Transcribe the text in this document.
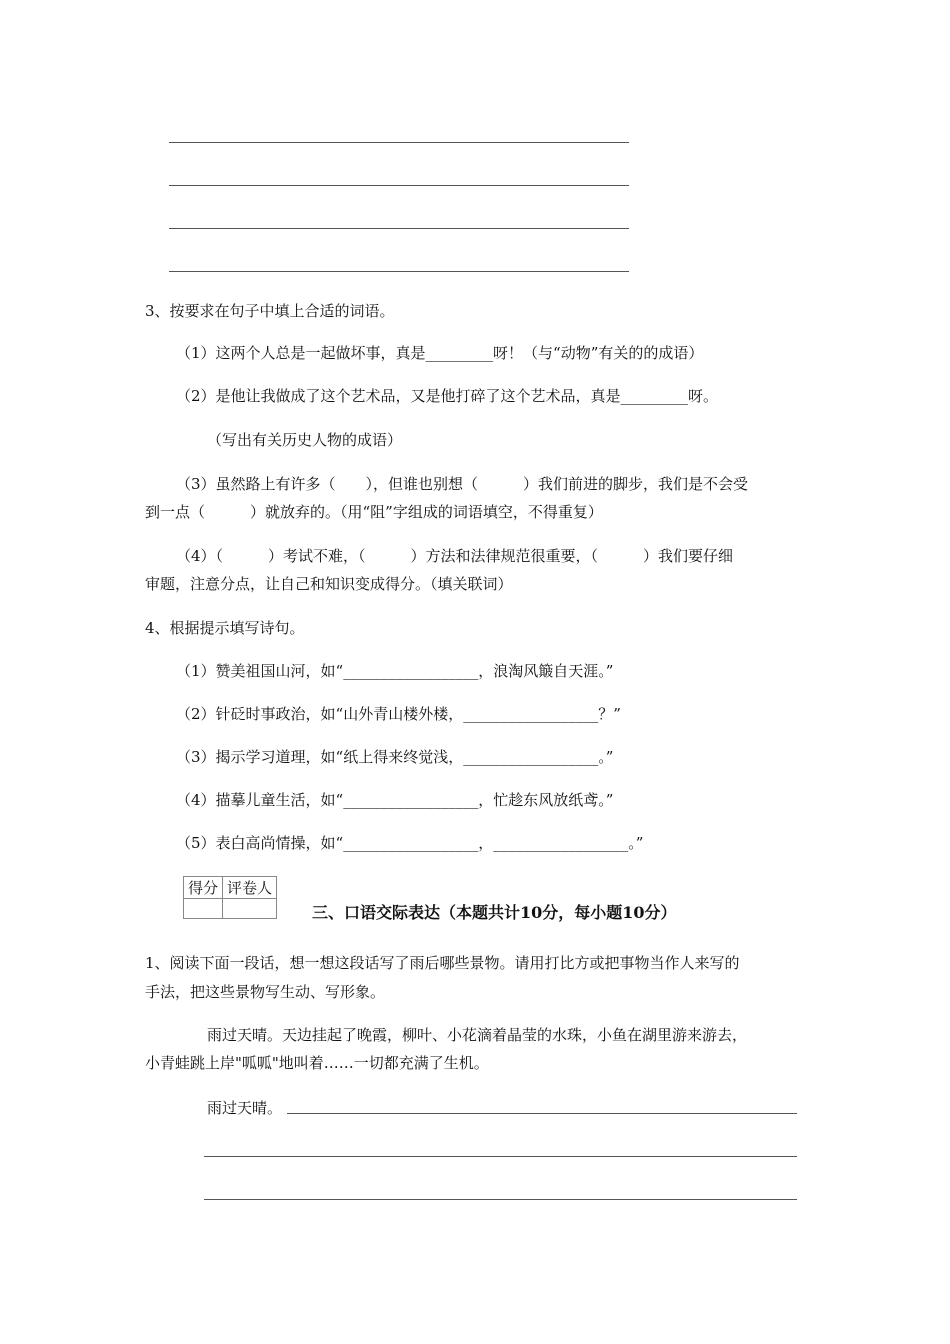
3、按要求在句子中填上合适的词语。
（1）这两个人总是一起做坏事，真是_________呀！（与“动物”有关的的成语）
（2）是他让我做成了这个艺术品，又是他打碎了这个艺术品，真是_________呀。
（写出有关历史人物的成语）
（3）虽然路上有许多（　　），但谁也别想（　　　）我们前进的脚步，我们是不会受
到一点（　　　）就放弃的。（用“阻”字组成的词语填空，不得重复）
（4）（　　　）考试不难，（　　　）方法和法律规范很重要，（　　　）我们要仔细
审题，注意分点，让自己和知识变成得分。（填关联词）
4、根据提示填写诗句。
（1）赞美祖国山河，如“__________________，浪淘风簸自天涯。”
（2）针砭时事政治，如“山外青山楼外楼，__________________？”
（3）揭示学习道理，如“纸上得来终觉浅，__________________。”
（4）描摹儿童生活，如“__________________，忙趁东风放纸鸢。”
（5）表白高尚情操，如“__________________，__________________。”
得分	评卷人

三、口语交际表达（本题共计10分，每小题10分）
1、阅读下面一段话，想一想这段话写了雨后哪些景物。请用打比方或把事物当作人来写的
手法，把这些景物写生动、写形象。
雨过天晴。天边挂起了晚霞，柳叶、小花滴着晶莹的水珠，小鱼在湖里游来游去，
小青蛙跳上岸"呱呱"地叫着……一切都充满了生机。
雨过天晴。
